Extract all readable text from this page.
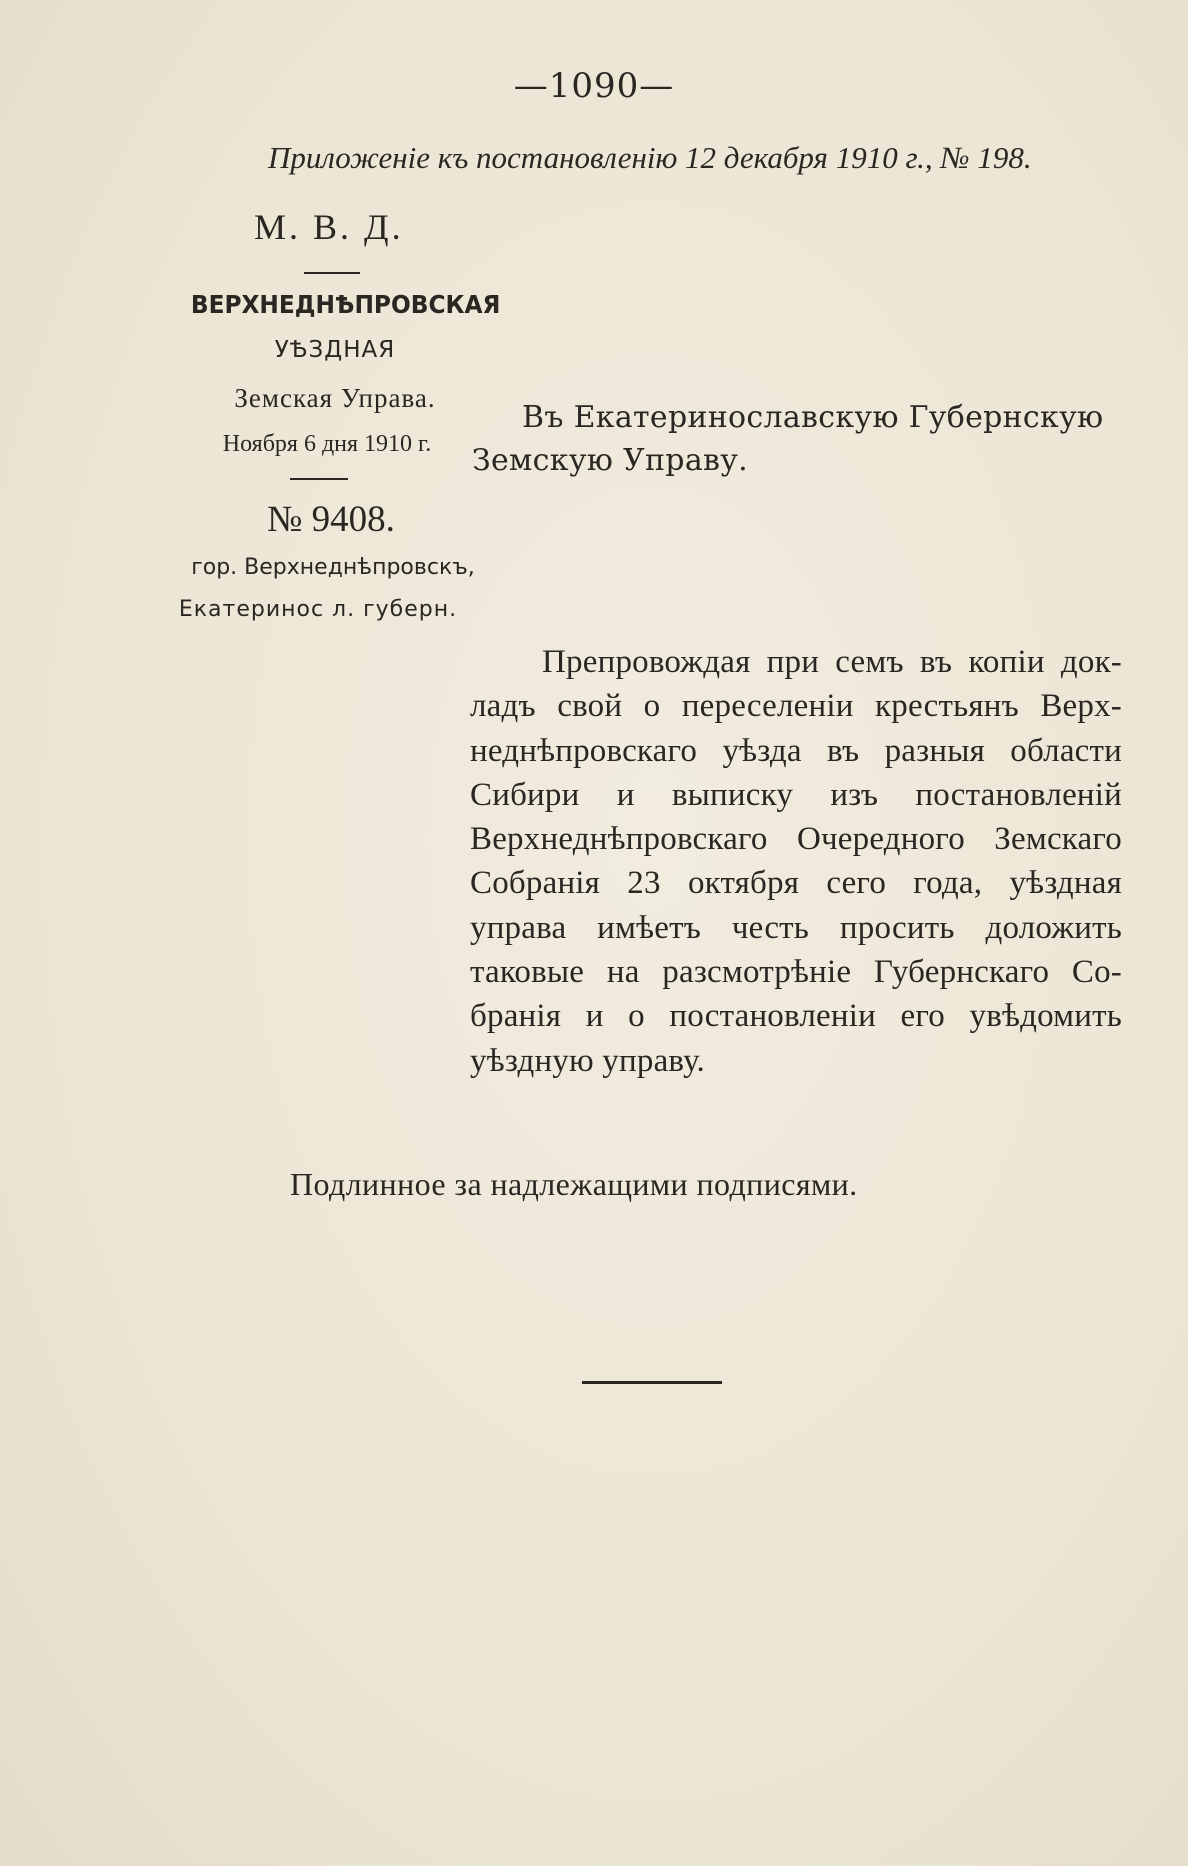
—1090—
Приложеніе къ постановленію 12 декабря 1910 г., № 198.
М. В. Д.
ВЕРХНЕДНѢПРОВСКАЯ
УѢЗДНАЯ
Земская Управа.
Ноября 6 дня 1910 г.
№ 9408.
гор. Верхнеднѣпровскъ,
Екатеринос л. губерн.
Въ Екатеринославскую Губернскую
Земскую Управу.
Препровождая при семъ въ копіи док-
ладъ свой о переселеніи крестьянъ Верх-
неднѣпровскаго уѣзда въ разныя области
Сибири и выписку изъ постановленій
Верхнеднѣпровскаго Очередного Земскаго
Собранія 23 октября сего года, уѣздная
управа имѣетъ честь просить доложить
таковые на разсмотрѣніе Губернскаго Со-
бранія и о постановленіи его увѣдомить
уѣздную управу.
Подлинное за надлежащими подписями.
